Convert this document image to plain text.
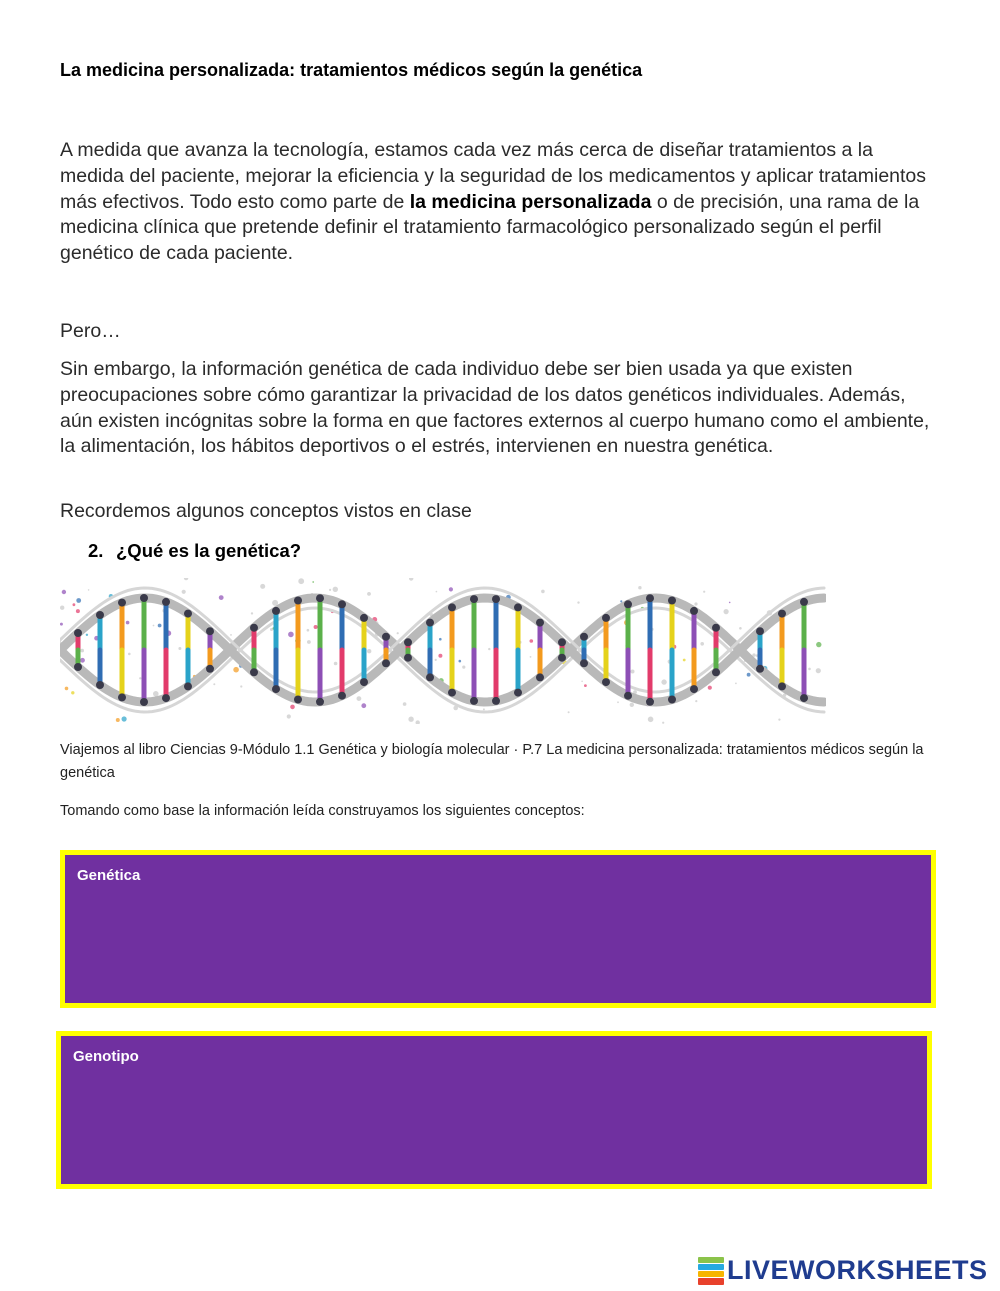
La medicina personalizada: tratamientos médicos según la genética

A medida que avanza la tecnología, estamos cada vez más cerca de diseñar tratamientos a la medida del paciente, mejorar la eficiencia y la seguridad de los medicamentos y aplicar tratamientos más efectivos. Todo esto como parte de la medicina personalizada o de precisión, una rama de la medicina clínica que pretende definir el tratamiento farmacológico personalizado según el perfil genético de cada paciente.

Pero…

Sin embargo, la información genética de cada individuo debe ser bien usada ya que existen preocupaciones sobre cómo garantizar la privacidad de los datos genéticos individuales. Además, aún existen incógnitas sobre la forma en que factores externos al cuerpo humano como el ambiente, la alimentación, los hábitos deportivos o el estrés, intervienen en nuestra genética.

Recordemos algunos conceptos vistos en clase

2. ¿Qué es la genética?

Viajemos al libro Ciencias 9-Módulo 1.1 Genética y biología molecular · P.7 La medicina personalizada: tratamientos médicos según la genética

Tomando como base la información leída construyamos los siguientes conceptos:

Genética
Genotipo
LIVEWORKSHEETS
